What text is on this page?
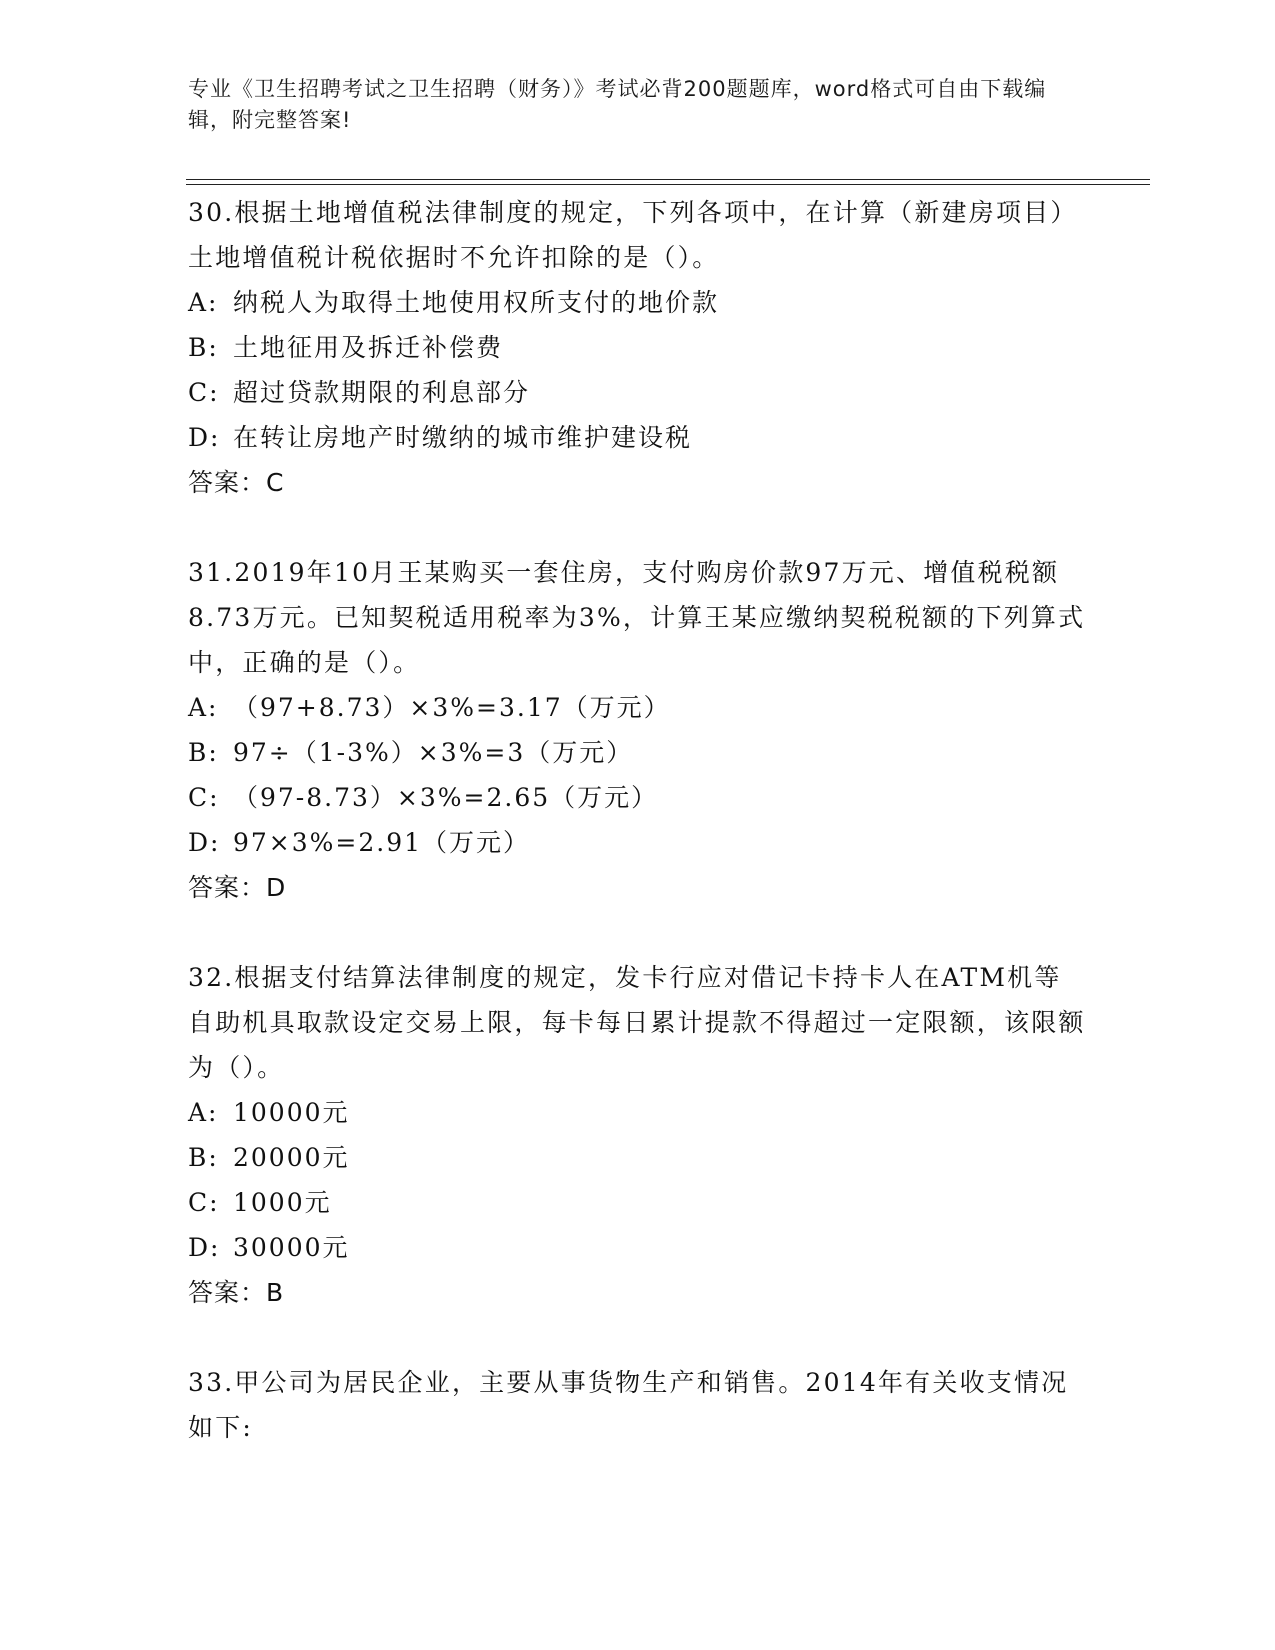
专业《卫生招聘考试之卫生招聘（财务）》考试必背200题题库，word格式可自由下载编辑，附完整答案!

30.根据土地增值税法律制度的规定，下列各项中，在计算（新建房项目）土地增值税计税依据时不允许扣除的是（）。

A: 纳税人为取得土地使用权所支付的地价款

B: 土地征用及拆迁补偿费

C: 超过贷款期限的利息部分

D: 在转让房地产时缴纳的城市维护建设税

答案：C

31.2019年10月王某购买一套住房，支付购房价款97万元、增值税税额8.73万元。已知契税适用税率为3%，计算王某应缴纳契税税额的下列算式中，正确的是（）。

A: （97+8.73）×3%=3.17（万元）

B: 97÷（1-3%）×3%=3（万元）

C: （97-8.73）×3%=2.65（万元）

D: 97×3%=2.91（万元）

答案：D

32.根据支付结算法律制度的规定，发卡行应对借记卡持卡人在ATM机等自助机具取款设定交易上限，每卡每日累计提款不得超过一定限额，该限额为（）。

A: 10000元

B: 20000元

C: 1000元

D: 30000元

答案：B

33.甲公司为居民企业，主要从事货物生产和销售。2014年有关收支情况如下:
